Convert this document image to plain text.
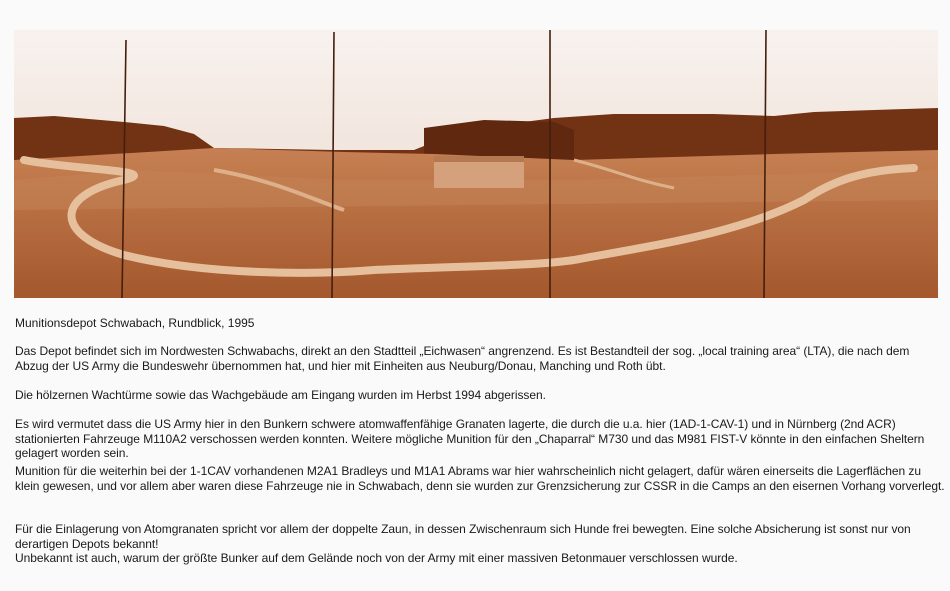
Munitionsdepot Schwabach, Rundblick, 1995

Das Depot befindet sich im Nordwesten Schwabachs, direkt an den Stadtteil „Eichwasen“ angrenzend. Es ist Bestandteil der sog. „local training area“ (LTA), die nach dem Abzug der US Army die Bundeswehr übernommen hat, und hier mit Einheiten aus Neuburg/Donau, Manching und Roth übt.

Die hölzernen Wachtürme sowie das Wachgebäude am Eingang wurden im Herbst 1994 abgerissen.

Es wird vermutet dass die US Army hier in den Bunkern schwere atomwaffenfähige Granaten lagerte, die durch die u.a. hier (1AD-1-CAV-1) und in Nürnberg (2nd ACR) stationierten Fahrzeuge M110A2 verschossen werden konnten. Weitere mögliche Munition für den „Chaparral“ M730 und das M981 FIST-V könnte in den einfachen Sheltern gelagert worden sein.

Munition für die weiterhin bei der 1-1CAV vorhandenen M2A1 Bradleys und M1A1 Abrams war hier wahrscheinlich nicht gelagert, dafür wären einerseits die Lagerflächen zu klein gewesen, und vor allem aber waren diese Fahrzeuge nie in Schwabach, denn sie wurden zur Grenzsicherung zur CSSR in die Camps an den eisernen Vorhang vorverlegt.

Für die Einlagerung von Atomgranaten spricht vor allem der doppelte Zaun, in dessen Zwischenraum sich Hunde frei bewegten. Eine solche Absicherung ist sonst nur von derartigen Depots bekannt!

Unbekannt ist auch, warum der größte Bunker auf dem Gelände noch von der Army mit einer massiven Betonmauer verschlossen wurde.
